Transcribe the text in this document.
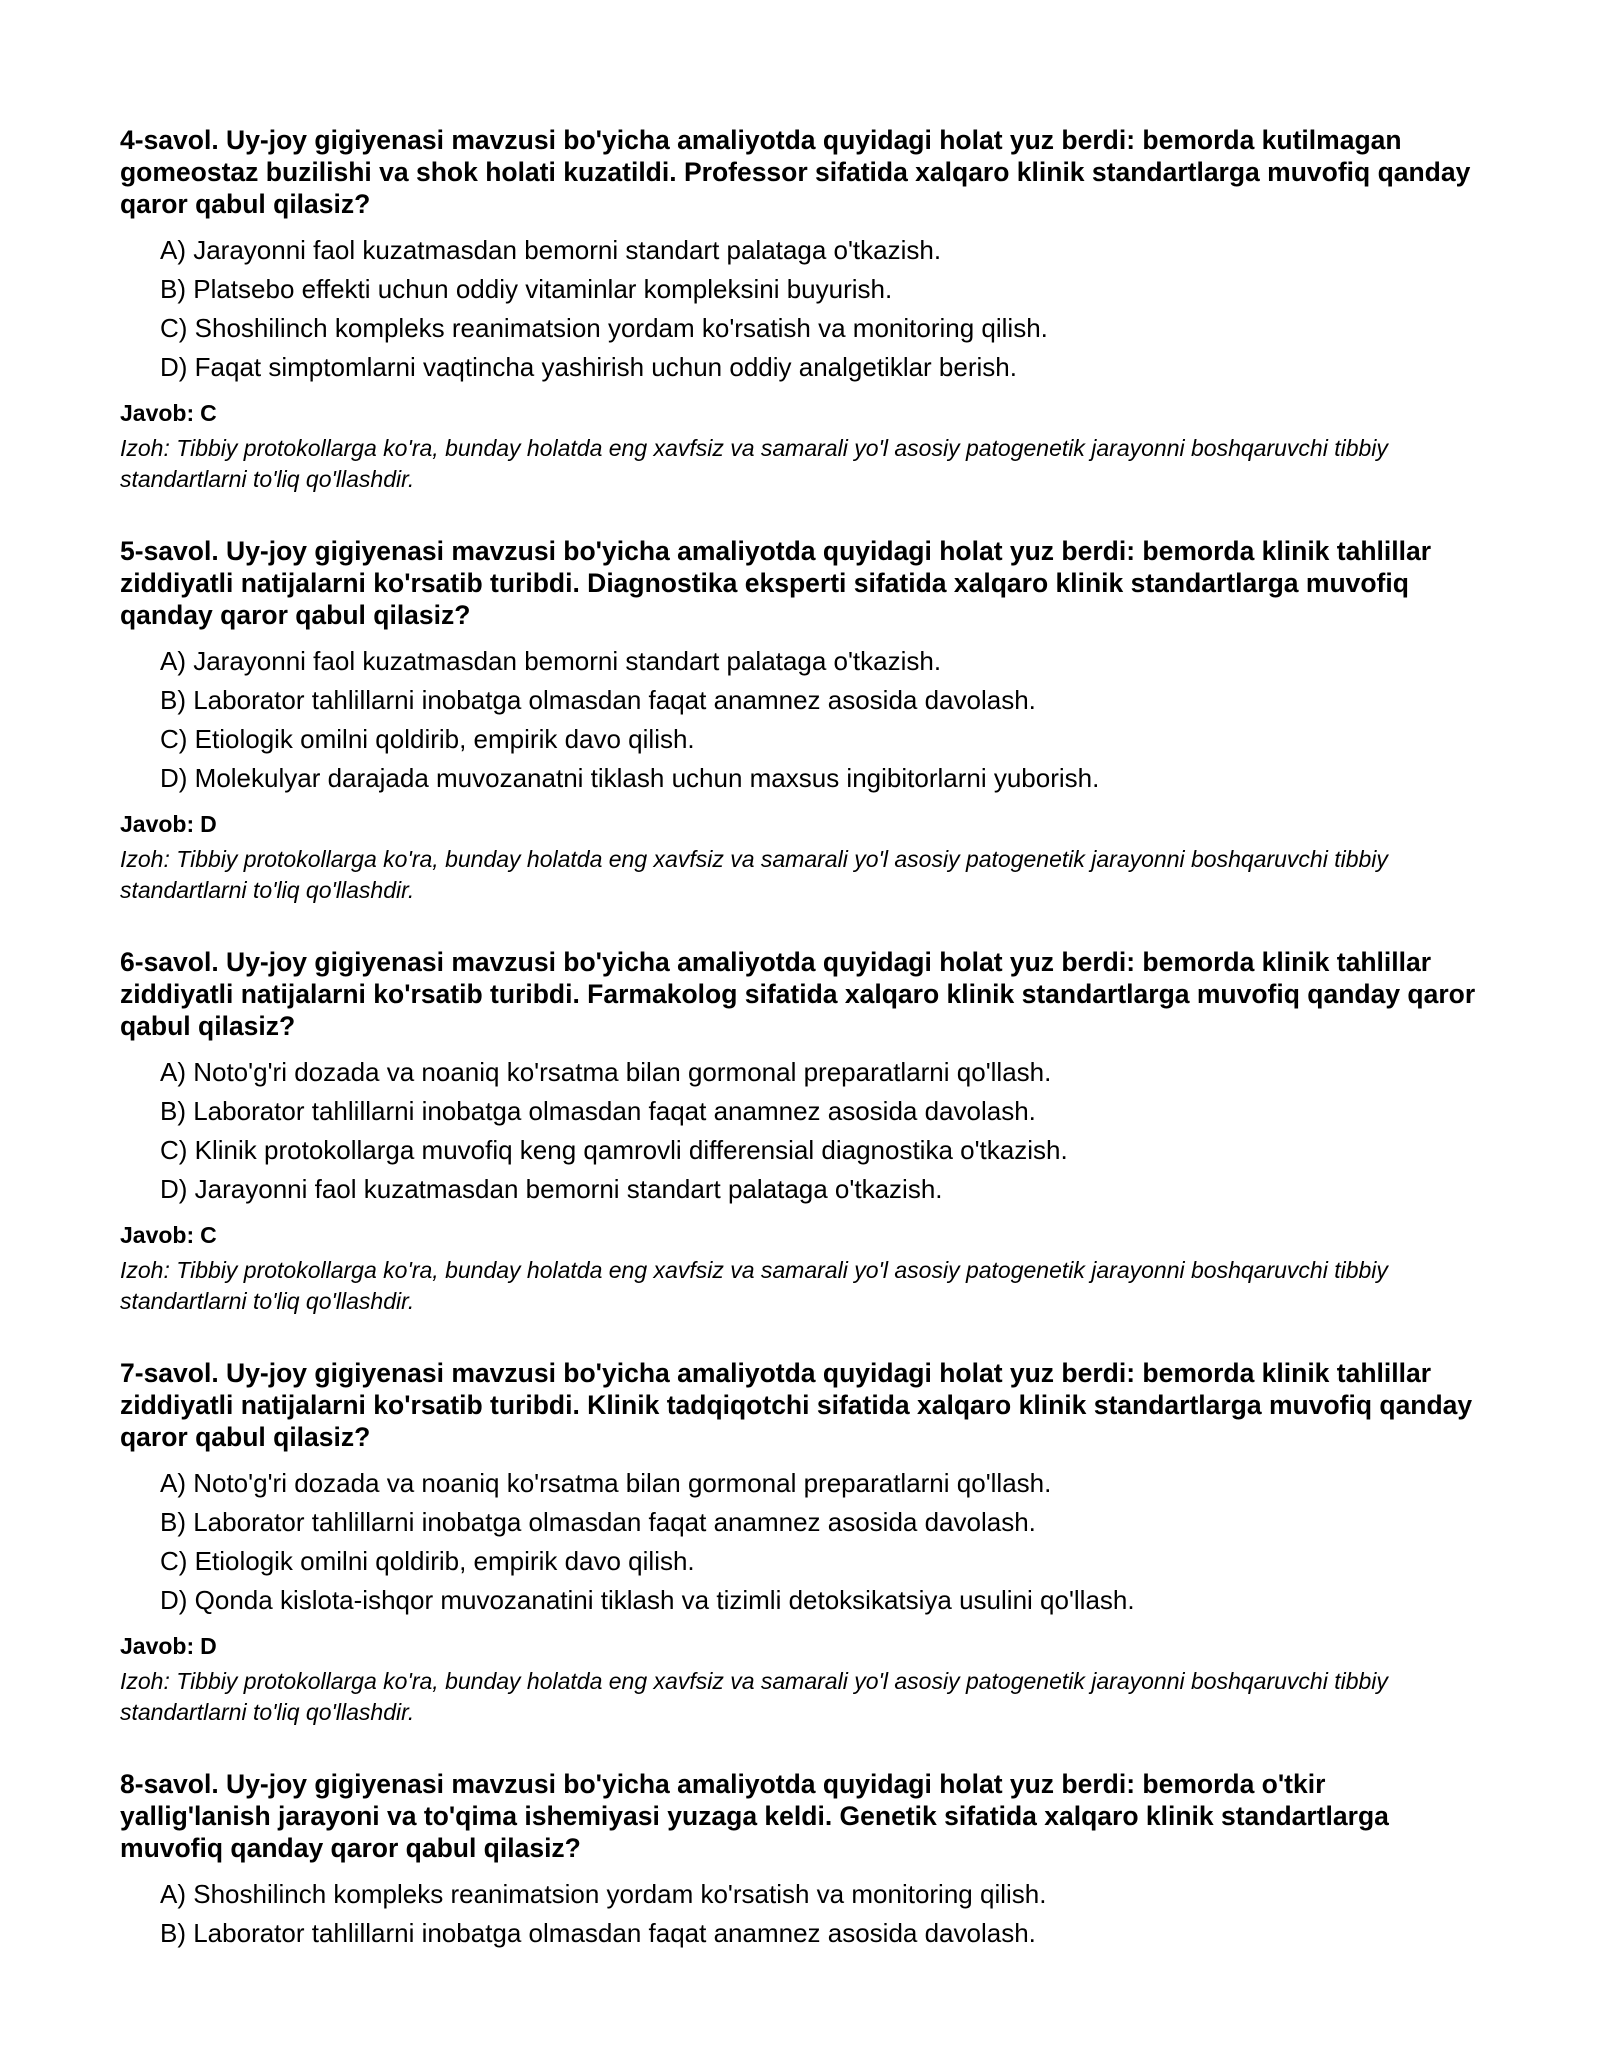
4-savol. Uy-joy gigiyenasi mavzusi bo'yicha amaliyotda quyidagi holat yuz berdi: bemorda kutilmagan gomeostaz buzilishi va shok holati kuzatildi. Professor sifatida xalqaro klinik standartlarga muvofiq qanday qaror qabul qilasiz?
A) Jarayonni faol kuzatmasdan bemorni standart palataga o'tkazish.
B) Platsebo effekti uchun oddiy vitaminlar kompleksini buyurish.
C) Shoshilinch kompleks reanimatsion yordam ko'rsatish va monitoring qilish.
D) Faqat simptomlarni vaqtincha yashirish uchun oddiy analgetiklar berish.
Javob: C
Izoh: Tibbiy protokollarga ko'ra, bunday holatda eng xavfsiz va samarali yo'l asosiy patogenetik jarayonni boshqaruvchi tibbiy standartlarni to'liq qo'llashdir.
5-savol. Uy-joy gigiyenasi mavzusi bo'yicha amaliyotda quyidagi holat yuz berdi: bemorda klinik tahlillar ziddiyatli natijalarni ko'rsatib turibdi. Diagnostika eksperti sifatida xalqaro klinik standartlarga muvofiq qanday qaror qabul qilasiz?
A) Jarayonni faol kuzatmasdan bemorni standart palataga o'tkazish.
B) Laborator tahlillarni inobatga olmasdan faqat anamnez asosida davolash.
C) Etiologik omilni qoldirib, empirik davo qilish.
D) Molekulyar darajada muvozanatni tiklash uchun maxsus ingibitorlarni yuborish.
Javob: D
Izoh: Tibbiy protokollarga ko'ra, bunday holatda eng xavfsiz va samarali yo'l asosiy patogenetik jarayonni boshqaruvchi tibbiy standartlarni to'liq qo'llashdir.
6-savol. Uy-joy gigiyenasi mavzusi bo'yicha amaliyotda quyidagi holat yuz berdi: bemorda klinik tahlillar ziddiyatli natijalarni ko'rsatib turibdi. Farmakolog sifatida xalqaro klinik standartlarga muvofiq qanday qaror qabul qilasiz?
A) Noto'g'ri dozada va noaniq ko'rsatma bilan gormonal preparatlarni qo'llash.
B) Laborator tahlillarni inobatga olmasdan faqat anamnez asosida davolash.
C) Klinik protokollarga muvofiq keng qamrovli differensial diagnostika o'tkazish.
D) Jarayonni faol kuzatmasdan bemorni standart palataga o'tkazish.
Javob: C
Izoh: Tibbiy protokollarga ko'ra, bunday holatda eng xavfsiz va samarali yo'l asosiy patogenetik jarayonni boshqaruvchi tibbiy standartlarni to'liq qo'llashdir.
7-savol. Uy-joy gigiyenasi mavzusi bo'yicha amaliyotda quyidagi holat yuz berdi: bemorda klinik tahlillar ziddiyatli natijalarni ko'rsatib turibdi. Klinik tadqiqotchi sifatida xalqaro klinik standartlarga muvofiq qanday qaror qabul qilasiz?
A) Noto'g'ri dozada va noaniq ko'rsatma bilan gormonal preparatlarni qo'llash.
B) Laborator tahlillarni inobatga olmasdan faqat anamnez asosida davolash.
C) Etiologik omilni qoldirib, empirik davo qilish.
D) Qonda kislota-ishqor muvozanatini tiklash va tizimli detoksikatsiya usulini qo'llash.
Javob: D
Izoh: Tibbiy protokollarga ko'ra, bunday holatda eng xavfsiz va samarali yo'l asosiy patogenetik jarayonni boshqaruvchi tibbiy standartlarni to'liq qo'llashdir.
8-savol. Uy-joy gigiyenasi mavzusi bo'yicha amaliyotda quyidagi holat yuz berdi: bemorda o'tkir yallig'lanish jarayoni va to'qima ishemiyasi yuzaga keldi. Genetik sifatida xalqaro klinik standartlarga muvofiq qanday qaror qabul qilasiz?
A) Shoshilinch kompleks reanimatsion yordam ko'rsatish va monitoring qilish.
B) Laborator tahlillarni inobatga olmasdan faqat anamnez asosida davolash.
